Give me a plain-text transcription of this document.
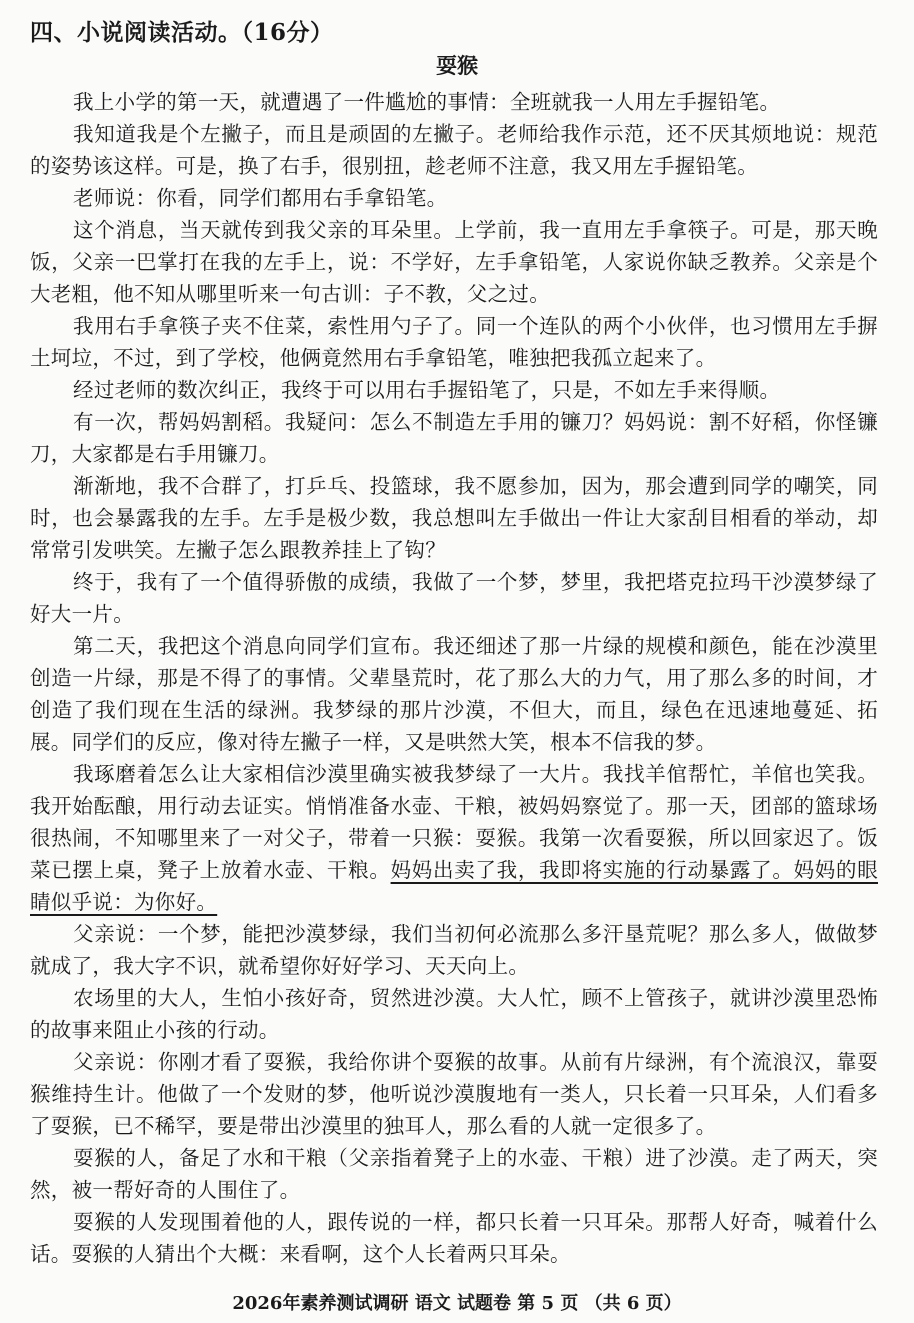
四、小说阅读活动。（16分）
耍猴

我上小学的第一天，就遭遇了一件尴尬的事情：全班就我一人用左手握铅笔。

我知道我是个左撇子，而且是顽固的左撇子。老师给我作示范，还不厌其烦地说：规范的姿势该这样。可是，换了右手，很别扭，趁老师不注意，我又用左手握铅笔。

老师说：你看，同学们都用右手拿铅笔。

这个消息，当天就传到我父亲的耳朵里。上学前，我一直用左手拿筷子。可是，那天晚饭，父亲一巴掌打在我的左手上，说：不学好，左手拿铅笔，人家说你缺乏教养。父亲是个大老粗，他不知从哪里听来一句古训：子不教，父之过。

我用右手拿筷子夹不住菜，索性用勺子了。同一个连队的两个小伙伴，也习惯用左手摒土坷垃，不过，到了学校，他俩竟然用右手拿铅笔，唯独把我孤立起来了。

经过老师的数次纠正，我终于可以用右手握铅笔了，只是，不如左手来得顺。

有一次，帮妈妈割稻。我疑问：怎么不制造左手用的镰刀？妈妈说：割不好稻，你怪镰刀，大家都是右手用镰刀。

渐渐地，我不合群了，打乒乓、投篮球，我不愿参加，因为，那会遭到同学的嘲笑，同时，也会暴露我的左手。左手是极少数，我总想叫左手做出一件让大家刮目相看的举动，却常常引发哄笑。左撇子怎么跟教养挂上了钩？

终于，我有了一个值得骄傲的成绩，我做了一个梦，梦里，我把塔克拉玛干沙漠梦绿了好大一片。

第二天，我把这个消息向同学们宣布。我还细述了那一片绿的规模和颜色，能在沙漠里创造一片绿，那是不得了的事情。父辈垦荒时，花了那么大的力气，用了那么多的时间，才创造了我们现在生活的绿洲。我梦绿的那片沙漠，不但大，而且，绿色在迅速地蔓延、拓展。同学们的反应，像对待左撇子一样，又是哄然大笑，根本不信我的梦。

我琢磨着怎么让大家相信沙漠里确实被我梦绿了一大片。我找羊倌帮忙，羊倌也笑我。我开始酝酿，用行动去证实。悄悄准备水壶、干粮，被妈妈察觉了。那一天，团部的篮球场很热闹，不知哪里来了一对父子，带着一只猴：耍猴。我第一次看耍猴，所以回家迟了。饭菜已摆上桌，凳子上放着水壶、干粮。妈妈出卖了我，我即将实施的行动暴露了。妈妈的眼睛似乎说：为你好。

父亲说：一个梦，能把沙漠梦绿，我们当初何必流那么多汗垦荒呢？那么多人，做做梦就成了，我大字不识，就希望你好好学习、天天向上。

农场里的大人，生怕小孩好奇，贸然进沙漠。大人忙，顾不上管孩子，就讲沙漠里恐怖的故事来阻止小孩的行动。

父亲说：你刚才看了耍猴，我给你讲个耍猴的故事。从前有片绿洲，有个流浪汉，靠耍猴维持生计。他做了一个发财的梦，他听说沙漠腹地有一类人，只长着一只耳朵，人们看多了耍猴，已不稀罕，要是带出沙漠里的独耳人，那么看的人就一定很多了。

耍猴的人，备足了水和干粮（父亲指着凳子上的水壶、干粮）进了沙漠。走了两天，突然，被一帮好奇的人围住了。

耍猴的人发现围着他的人，跟传说的一样，都只长着一只耳朵。那帮人好奇，喊着什么话。耍猴的人猜出个大概：来看啊，这个人长着两只耳朵。

2026年素养测试调研 语文 试题卷 第 5 页 （共 6 页）
